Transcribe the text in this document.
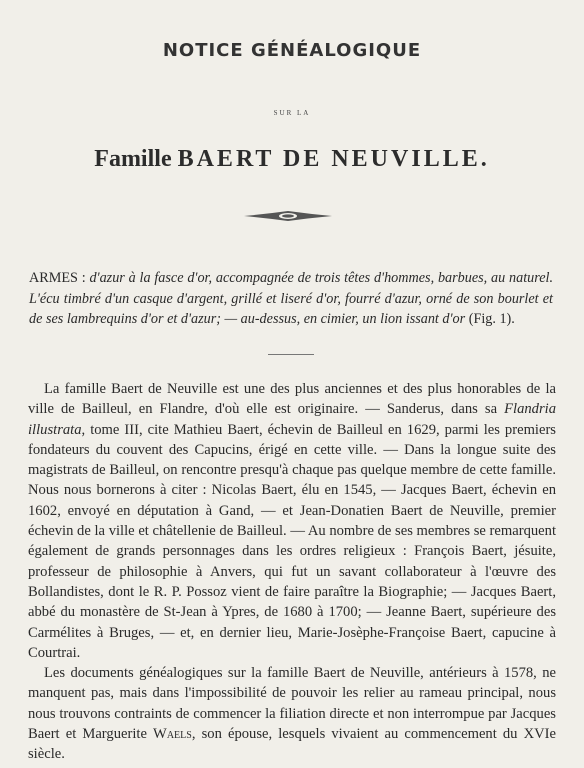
NOTICE GÉNÉALOGIQUE
SUR LA
Famille BAERT DE NEUVILLE.
ARMES : d'azur à la fasce d'or, accompagnée de trois têtes d'hommes, barbues, au naturel. L'écu timbré d'un casque d'argent, grillé et liseré d'or, fourré d'azur, orné de son bourlet et de ses lambrequins d'or et d'azur; — au-dessus, en cimier, un lion issant d'or (Fig. 1).

La famille Baert de Neuville est une des plus anciennes et des plus honorables de la ville de Bailleul, en Flandre, d'où elle est originaire. — Sanderus, dans sa Flandria illustrata, tome III, cite Mathieu Baert, échevin de Bailleul en 1629, parmi les premiers fondateurs du couvent des Capucins, érigé en cette ville. — Dans la longue suite des magistrats de Bailleul, on rencontre presqu'à chaque pas quelque membre de cette famille. Nous nous bornerons à citer : Nicolas Baert, élu en 1545, — Jacques Baert, échevin en 1602, envoyé en députation à Gand, — et Jean-Donatien Baert de Neuville, premier échevin de la ville et châtellenie de Bailleul. — Au nombre de ses membres se remarquent également de grands personnages dans les ordres religieux : François Baert, jésuite, professeur de philosophie à Anvers, qui fut un savant collaborateur à l'œuvre des Bollandistes, dont le R. P. Possoz vient de faire paraître la Biographie; — Jacques Baert, abbé du monastère de St-Jean à Ypres, de 1680 à 1700; — Jeanne Baert, supérieure des Carmélites à Bruges, — et, en dernier lieu, Marie-Josèphe-Françoise Baert, capucine à Courtrai.

Les documents généalogiques sur la famille Baert de Neuville, antérieurs à 1578, ne manquent pas, mais dans l'impossibilité de pouvoir les relier au rameau principal, nous nous trouvons contraints de commencer la filiation directe et non interrompue par Jacques Baert et Marguerite Waels, son épouse, lesquels vivaient au commencement du XVIe siècle.
